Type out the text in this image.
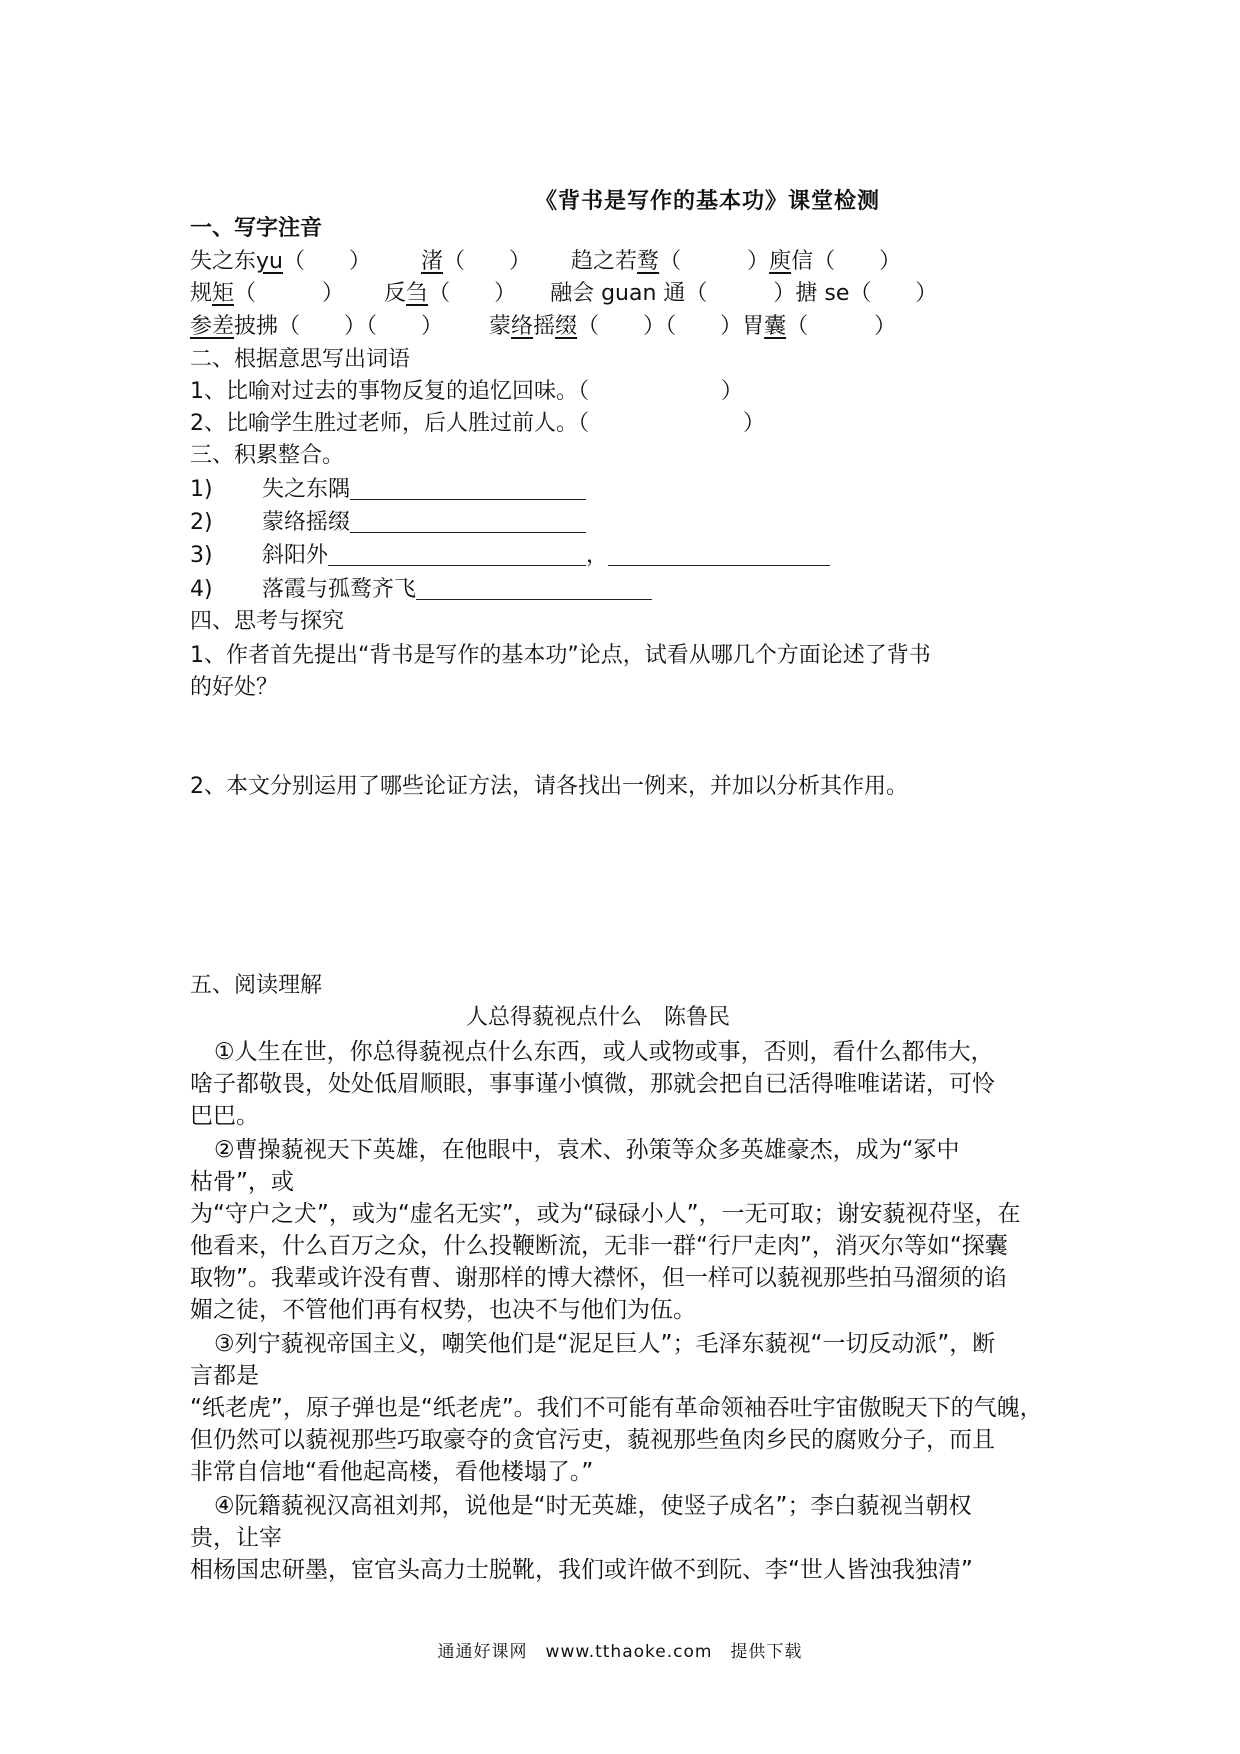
《背书是写作的基本功》课堂检测
一、写字注音
失之东yu（　　） 渚（　　） 趋之若鹜（　　　）庾信（　　）
规矩（　　　） 反刍（　　） 融会 guan 通（　　　）搪 se（　　）
参差披拂（　　）（　　） 蒙络摇缀（　　）（　　）胃囊（　　　）
二、根据意思写出词语
1、比喻对过去的事物反复的追忆回味。（　　　　　　）
2、比喻学生胜过老师，后人胜过前人。（　　　　　　　）
三、积累整合。
1) 失之东隅
2) 蒙络摇缀
3) 斜阳外	，
4) 落霞与孤鹜齐飞
四、思考与探究
1、作者首先提出“背书是写作的基本功”论点，试看从哪几个方面论述了背书
的好处？
2、本文分别运用了哪些论证方法，请各找出一例来，并加以分析其作用。
五、阅读理解
人总得藐视点什么　陈鲁民
①人生在世，你总得藐视点什么东西，或人或物或事，否则，看什么都伟大，
啥子都敬畏，处处低眉顺眼，事事谨小慎微，那就会把自已活得唯唯诺诺，可怜
巴巴。
②曹操藐视天下英雄，在他眼中，袁术、孙策等众多英雄豪杰，成为“冢中
枯骨”，或
为“守户之犬”，或为“虚名无实”，或为“碌碌小人”，一无可取；谢安藐视苻坚，在
他看来，什么百万之众，什么投鞭断流，无非一群“行尸走肉”，消灭尔等如“探囊
取物”。我辈或许没有曹、谢那样的博大襟怀，但一样可以藐视那些拍马溜须的谄
媚之徒，不管他们再有权势，也决不与他们为伍。
③列宁藐视帝国主义，嘲笑他们是“泥足巨人”；毛泽东藐视“一切反动派”，断
言都是
“纸老虎”，原子弹也是“纸老虎”。我们不可能有革命领袖吞吐宇宙傲睨天下的气魄，
但仍然可以藐视那些巧取豪夺的贪官污吏，藐视那些鱼肉乡民的腐败分子，而且
非常自信地“看他起高楼，看他楼塌了。”
④阮籍藐视汉高祖刘邦，说他是“时无英雄，使竖子成名”；李白藐视当朝权
贵，让宰
相杨国忠研墨，宦官头高力士脱靴，我们或许做不到阮、李“世人皆浊我独清”
通通好课网　www.tthaoke.com　提供下载
